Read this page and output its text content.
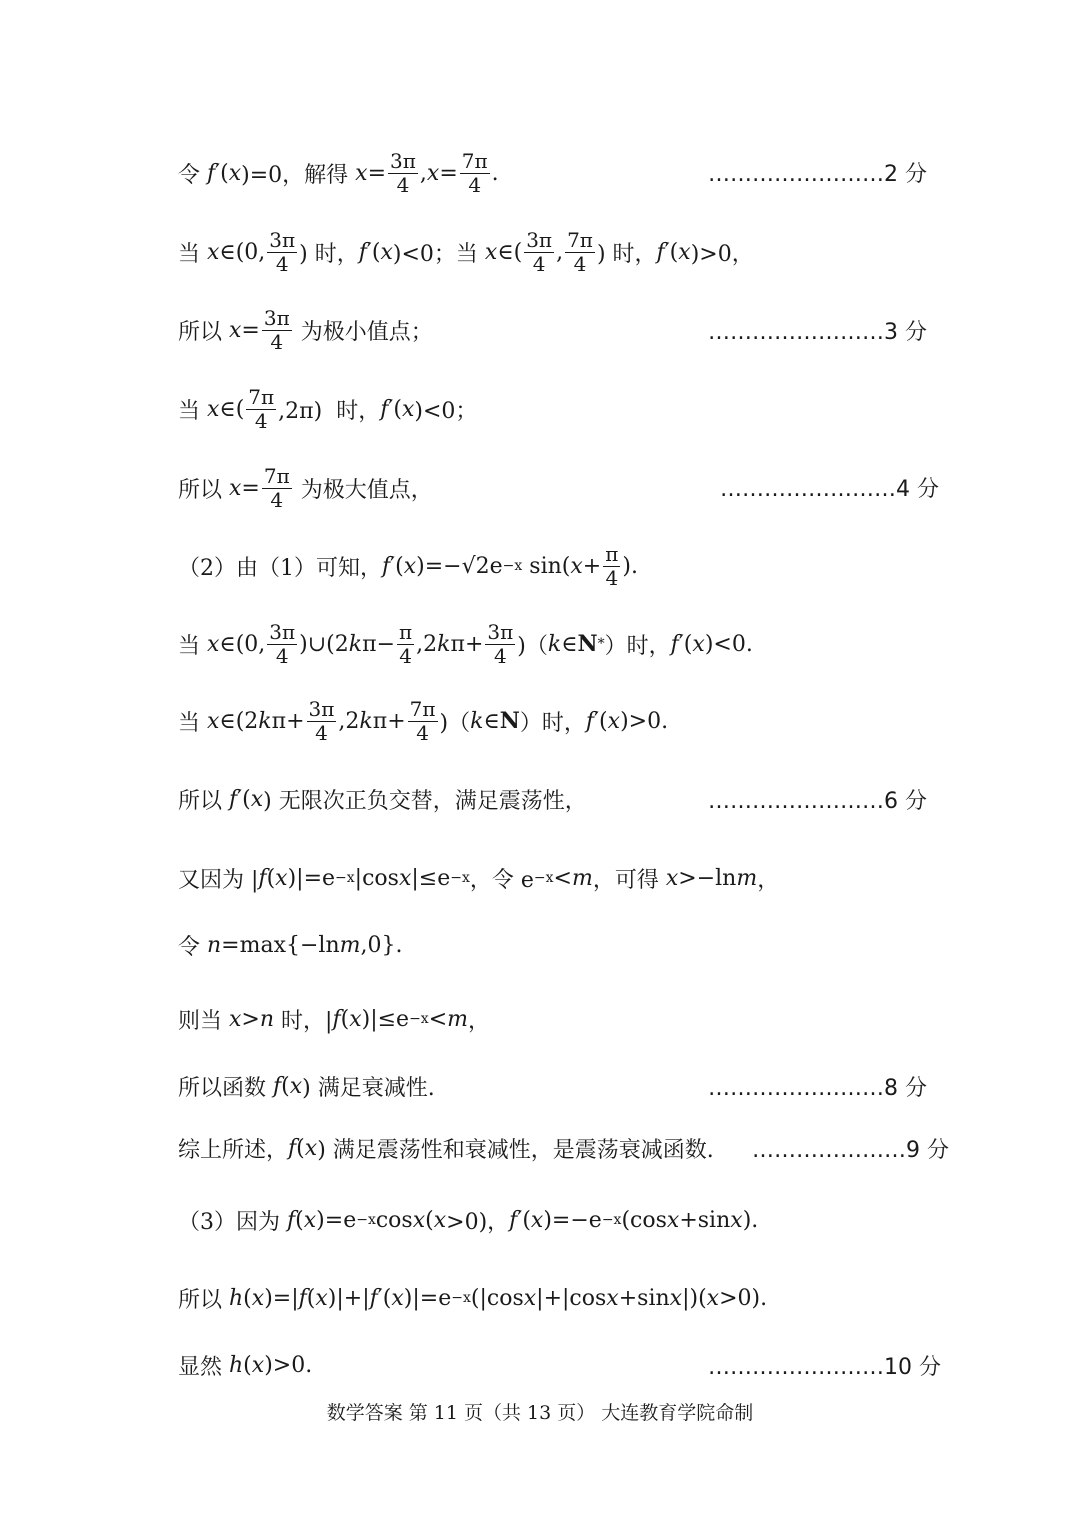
令 f ′( x )=0，解得 $x = \frac{3\pi}{4}$ , $x = \frac{7\pi}{4}$ .	……………………2 分
当 x ∈(0, $\frac{3\pi}{4}$ ) 时， f ′( x )<0；当 x ∈( $\frac{3\pi}{4}$ , $\frac{7\pi}{4}$ ) 时， f ′( x )>0，
所以 $x = \frac{3\pi}{4}$ 为极小值点；	……………………3 分
当 x ∈( $\frac{7\pi}{4} ,2\pi$)  时， f ′( x )<0；
所以 $x = \frac{7\pi}{4}$ 为极大值点，	……………………4 分
（2）由（1）可知， f ′( x )=−√2e −x sin( $x + \frac{\pi}{4}$ ).
当 x ∈(0, $\frac{3\pi}{4}$ )∪(2 k $\pi- \frac{\pi}{4} ,2$ k $\pi+ \frac{3\pi}{4}$ )（ k ∈ N * ）时， f ′( x )<0.
当 x ∈(2 k $\pi+ \frac{3\pi}{4} ,2$ k $\pi+ \frac{7\pi}{4}$ )（ k ∈ N ）时， f ′( x )>0.
所以 f ′( x ) 无限次正负交替，满足震荡性，	……………………6 分
又因为 | f ( x )|=e −x |cos x |≤e −x ，令 e −x < m ，可得 x >−ln m ，
令 n =max{−ln m ,0}.
则当 x > n 时，| f ( x )|≤e −x < m ，
所以函数 f ( x ) 满足衰减性.	……………………8 分
综上所述， f ( x ) 满足震荡性和衰减性，是震荡衰减函数. …………………9 分
（3）因为 f ( x )=e −x cos x ( x >0)， f ′( x )=−e −x (cos x +sin x ).
所以 h ( x )=| f ( x )|+| f ′( x )|=e −x (|cos x |+|cos x +sin x |)( x >0).
显然 h ( x )>0.	……………………10 分
数学答案 第 11 页（共 13 页） 大连教育学院命制
